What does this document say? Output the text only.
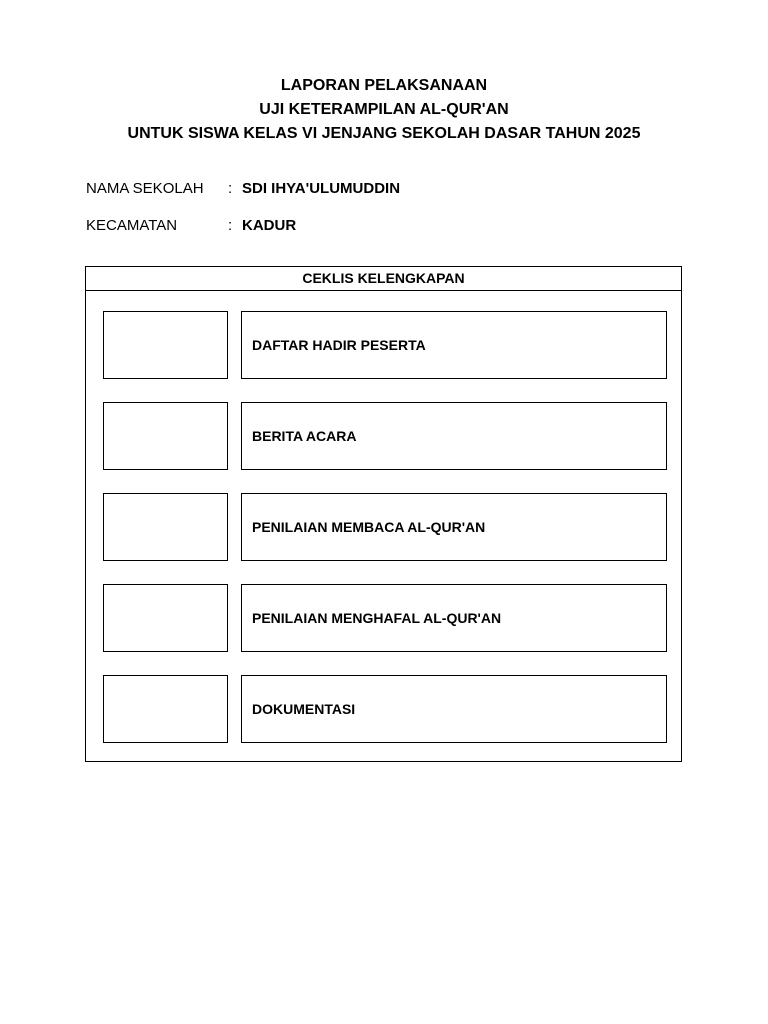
LAPORAN PELAKSANAAN
UJI KETERAMPILAN AL-QUR'AN
UNTUK SISWA KELAS VI JENJANG SEKOLAH DASAR TAHUN 2025
NAMA SEKOLAH : SDI IHYA'ULUMUDDIN
KECAMATAN	: KADUR
CEKLIS KELENGKAPAN
DAFTAR HADIR PESERTA
BERITA ACARA
PENILAIAN MEMBACA AL-QUR'AN
PENILAIAN MENGHAFAL AL-QUR'AN
DOKUMENTASI
